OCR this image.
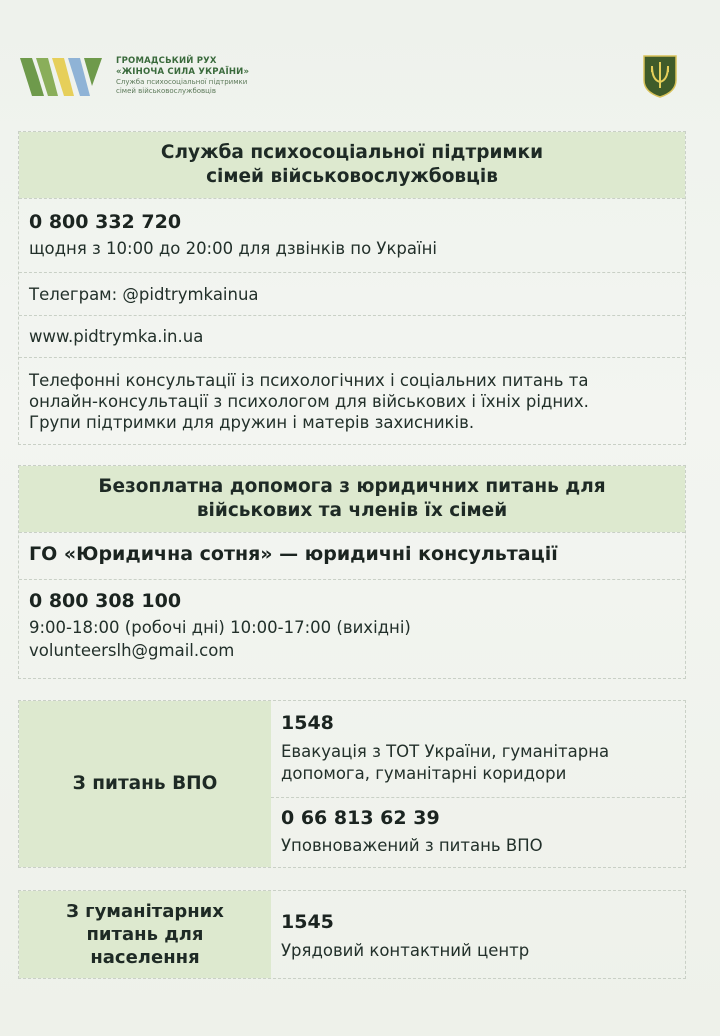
ГРОМАДСЬКИЙ РУХ
«ЖІНОЧА СИЛА УКРАЇНИ»
Служба психосоціальної підтримки
сімей військовослужбовців
Служба психосоціальної підтримки
сімей військовослужбовців
0 800 332 720
щодня з 10:00 до 20:00 для дзвінків по Україні
Телеграм: @pidtrymkainua
www.pidtrymka.in.ua
Телефонні консультації із психологічних і соціальних питань та
онлайн-консультації з психологом для військових і їхніх рідних.
Групи підтримки для дружин і матерів захисників.
Безоплатна допомога з юридичних питань для
військових та членів їх сімей
ГО «Юридична сотня» — юридичні консультації
0 800 308 100
9:00-18:00 (робочі дні) 10:00-17:00 (вихідні)
volunteerslh@gmail.com
З питань ВПО
1548
Евакуація з ТОТ України, гуманітарна
допомога, гуманітарні коридори
0 66 813 62 39
Уповноважений з питань ВПО
З гуманітарних
питань для
населення
1545
Урядовий контактний центр
